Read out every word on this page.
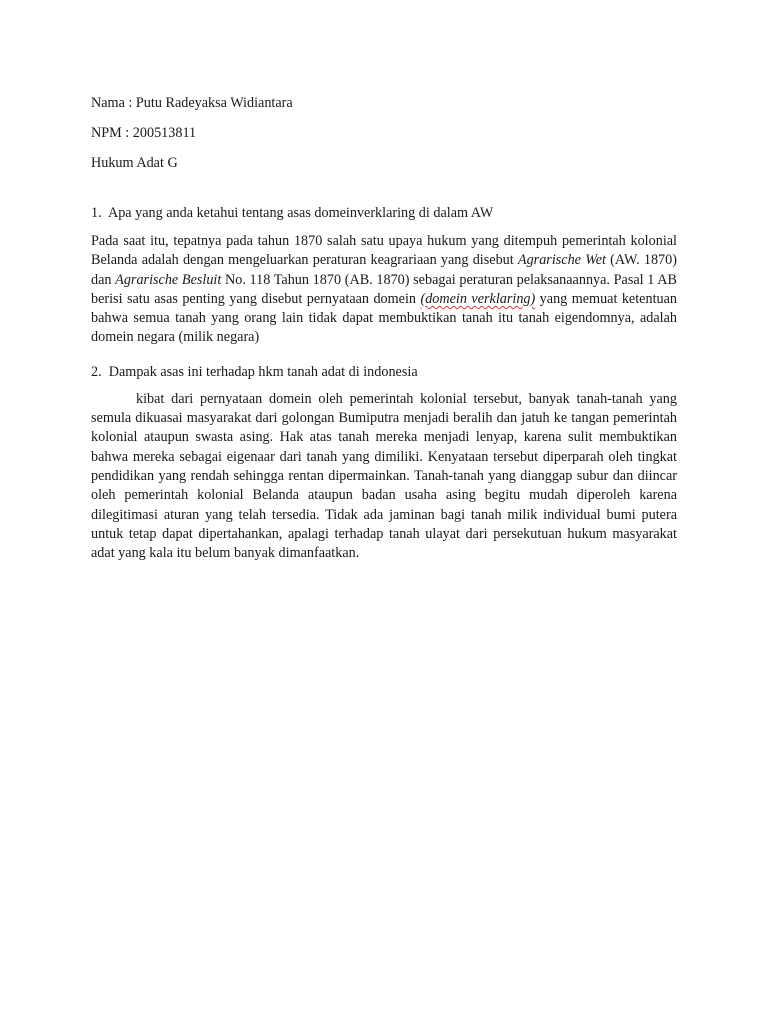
Nama : Putu Radeyaksa Widiantara

NPM : 200513811

Hukum Adat G

1. Apa yang anda ketahui tentang asas domeinverklaring di dalam AW

Pada saat itu, tepatnya pada tahun 1870 salah satu upaya hukum yang ditempuh pemerintah kolonial Belanda adalah dengan mengeluarkan peraturan keagrariaan yang disebut Agrarische Wet (AW. 1870) dan Agrarische Besluit No. 118 Tahun 1870 (AB. 1870) sebagai peraturan pelaksanaannya. Pasal 1 AB berisi satu asas penting yang disebut pernyataan domein (domein verklaring) yang memuat ketentuan bahwa semua tanah yang orang lain tidak dapat membuktikan tanah itu tanah eigendomnya, adalah domein negara (milik negara)

2. Dampak asas ini terhadap hkm tanah adat di indonesia

kibat dari pernyataan domein oleh pemerintah kolonial tersebut, banyak tanah-tanah yang semula dikuasai masyarakat dari golongan Bumiputra menjadi beralih dan jatuh ke tangan pemerintah kolonial ataupun swasta asing. Hak atas tanah mereka menjadi lenyap, karena sulit membuktikan bahwa mereka sebagai eigenaar dari tanah yang dimiliki. Kenyataan tersebut diperparah oleh tingkat pendidikan yang rendah sehingga rentan dipermainkan. Tanah-tanah yang dianggap subur dan diincar oleh pemerintah kolonial Belanda ataupun badan usaha asing begitu mudah diperoleh karena dilegitimasi aturan yang telah tersedia. Tidak ada jaminan bagi tanah milik individual bumi putera untuk tetap dapat dipertahankan, apalagi terhadap tanah ulayat dari persekutuan hukum masyarakat adat yang kala itu belum banyak dimanfaatkan.
